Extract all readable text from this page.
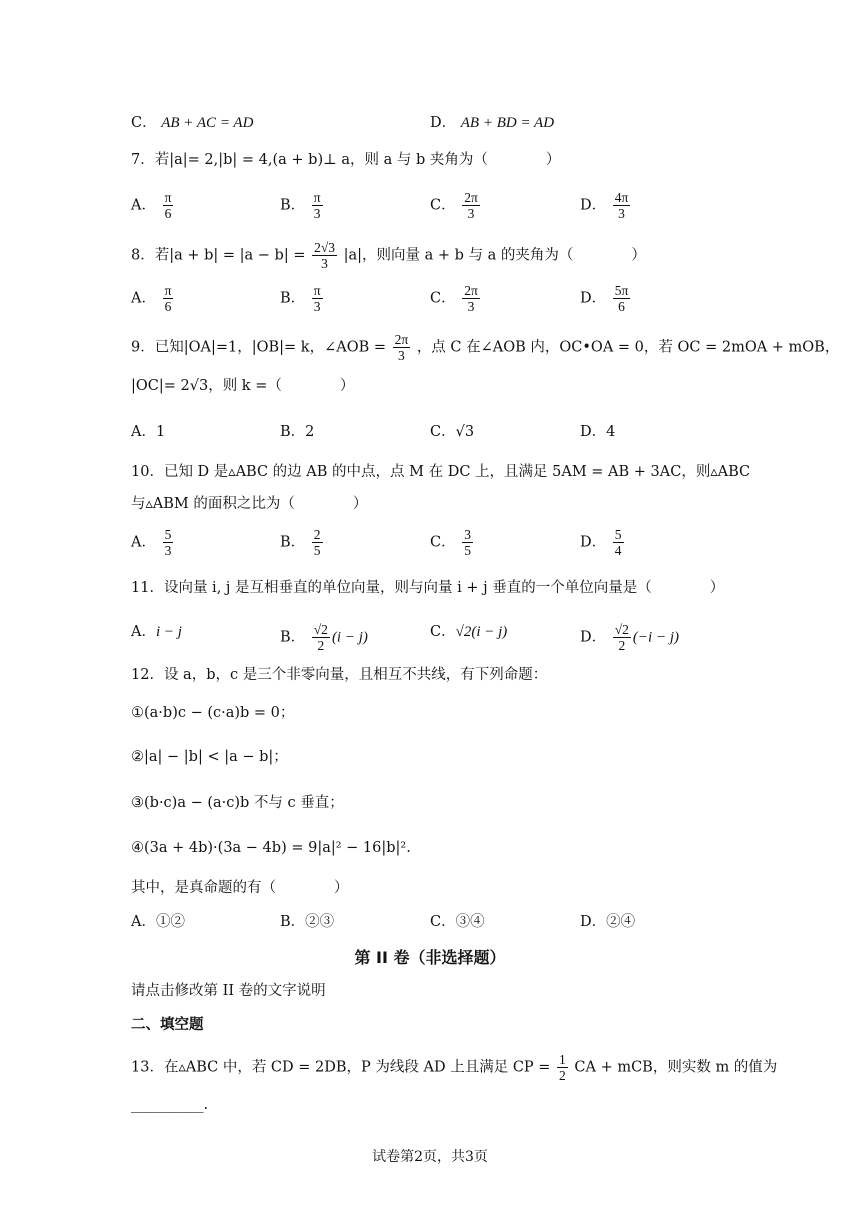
C． AB + AC = AD	D． AB + BD = AD
7．若|a|= 2,|b| = 4,(a + b)⊥ a，则 a 与 b 夹角为（　　　　）
A． $\frac{\pi}{6}$	B． $\frac{\pi}{3}$	C． $\frac{2\pi}{3}$	D． $\frac{4\pi}{3}$
8．若$|a + b| = |a - b| = \frac{2√3}{3} |a|$，则向量 a + b 与 a 的夹角为（　　　　）
A． $\frac{\pi}{6}$	B． $\frac{\pi}{3}$	C． $\frac{2\pi}{3}$	D． $\frac{5\pi}{6}$
9．已知|OA|=1，|OB|= k，∠AOB = $\frac{2\pi}{3}$ ，点 C 在∠AOB 内，OC•OA = 0，若 OC = 2mOA + mOB，
|OC|= 2√3，则 k =（　　　　）
A．1	B．2	C．√3	D．4
10．已知 D 是▵ABC 的边 AB 的中点，点 M 在 DC 上，且满足 5AM = AB + 3AC，则▵ABC
与▵ABM 的面积之比为（　　　　）
A． $\frac{5}{3}$	B． $\frac{2}{5}$	C． $\frac{3}{5}$	D． $\frac{5}{4}$
11．设向量 i, j 是互相垂直的单位向量，则与向量 i + j 垂直的一个单位向量是（　　　　）
A．i − j	B． $\frac{√2}{2} (i - j)$	C．√2(i − j)	D． $\frac{√2}{2} (-i - j)$
12．设 a，b，c 是三个非零向量，且相互不共线，有下列命题：
①(a·b)c − (c·a)b = 0；
②|a| − |b| < |a − b|；
③(b·c)a − (a·c)b 不与 c 垂直；
④(3a + 4b)·(3a − 4b) = 9|a|² − 16|b|².
其中，是真命题的有（　　　　）
A．①②	B．②③	C．③④	D．②④
第 II 卷（非选择题）
请点击修改第 II 卷的文字说明
二、填空题
13．在▵ABC 中，若 CD = 2DB，P 为线段 AD 上且满足 CP = $\frac{1}{2}$ CA + mCB，则实数 m 的值为
__________.
试卷第2页，共3页
